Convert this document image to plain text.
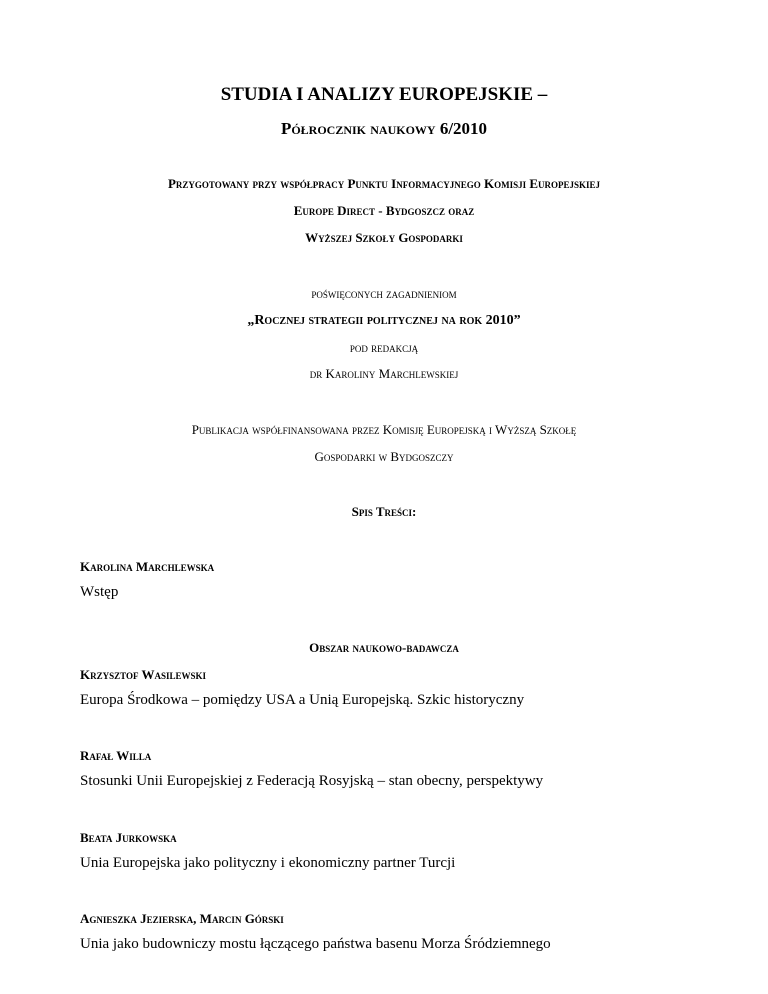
STUDIA I ANALIZY EUROPEJSKIE –
Półrocznik naukowy 6/2010
Przygotowany przy współpracy Punktu Informacyjnego Komisji Europejskiej
Europe Direct - Bydgoszcz oraz
Wyższej Szkoły Gospodarki
poświęconych zagadnieniom
„Rocznej strategii politycznej na rok 2010”
pod redakcją
dr Karoliny Marchlewskiej
Publikacja współfinansowana przez Komisję Europejską i Wyższą Szkołę
Gospodarki w Bydgoszczy
Spis Treści:
Karolina Marchlewska
Wstęp
Obszar naukowo-badawcza
Krzysztof Wasilewski
Europa Środkowa – pomiędzy USA a Unią Europejską. Szkic historyczny
Rafał Willa
Stosunki Unii Europejskiej z Federacją Rosyjską – stan obecny, perspektywy
Beata Jurkowska
Unia Europejska jako polityczny i ekonomiczny partner Turcji
Agnieszka Jezierska, Marcin Górski
Unia jako budowniczy mostu łączącego państwa basenu Morza Śródziemnego
